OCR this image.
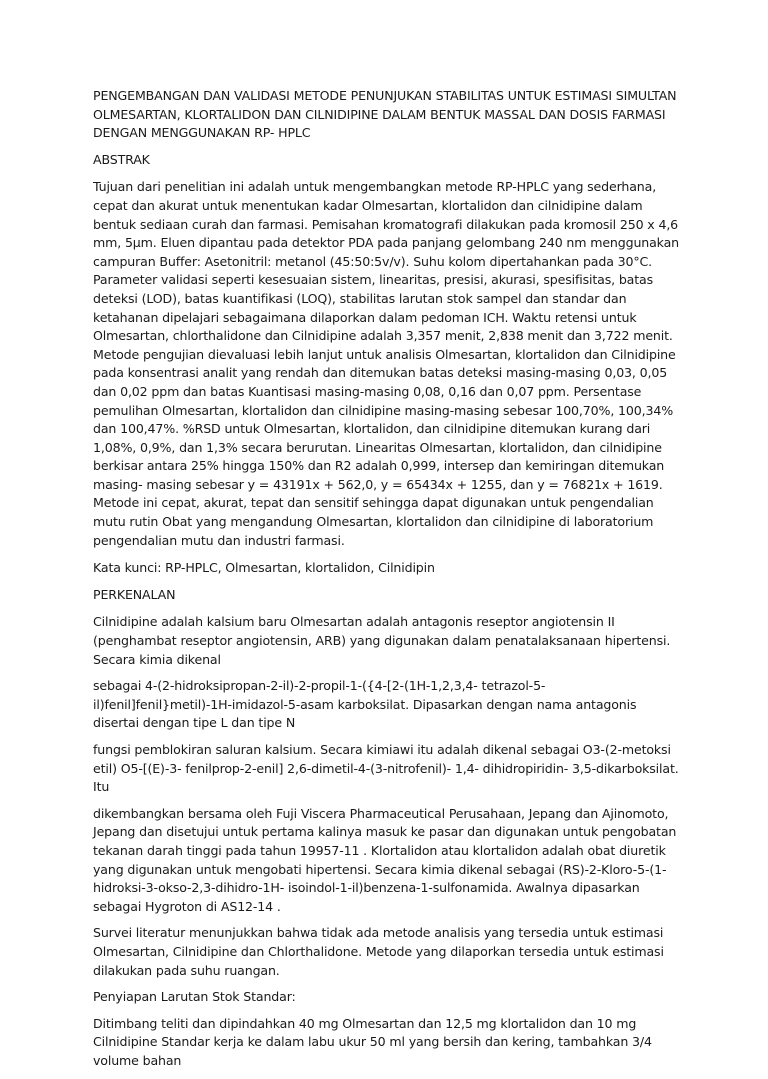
PENGEMBANGAN DAN VALIDASI METODE PENUNJUKAN STABILITAS UNTUK ESTIMASI SIMULTAN OLMESARTAN, KLORTALIDON DAN CILNIDIPINE DALAM BENTUK MASSAL DAN DOSIS FARMASI DENGAN MENGGUNAKAN RP- HPLC

ABSTRAK

Tujuan dari penelitian ini adalah untuk mengembangkan metode RP-HPLC yang sederhana, cepat dan akurat untuk menentukan kadar Olmesartan, klortalidon dan cilnidipine dalam bentuk sediaan curah dan farmasi. Pemisahan kromatografi dilakukan pada kromosil 250 x 4,6 mm, 5μm. Eluen dipantau pada detektor PDA pada panjang gelombang 240 nm menggunakan campuran Buffer: Asetonitril: metanol (45:50:5v/v). Suhu kolom dipertahankan pada 30°C. Parameter validasi seperti kesesuaian sistem, linearitas, presisi, akurasi, spesifisitas, batas deteksi (LOD), batas kuantifikasi (LOQ), stabilitas larutan stok sampel dan standar dan ketahanan dipelajari sebagaimana dilaporkan dalam pedoman ICH. Waktu retensi untuk Olmesartan, chlorthalidone dan Cilnidipine adalah 3,357 menit, 2,838 menit dan 3,722 menit. Metode pengujian dievaluasi lebih lanjut untuk analisis Olmesartan, klortalidon dan Cilnidipine pada konsentrasi analit yang rendah dan ditemukan batas deteksi masing-masing 0,03, 0,05 dan 0,02 ppm dan batas Kuantisasi masing-masing 0,08, 0,16 dan 0,07 ppm. Persentase pemulihan Olmesartan, klortalidon dan cilnidipine masing-masing sebesar 100,70%, 100,34% dan 100,47%. %RSD untuk Olmesartan, klortalidon, dan cilnidipine ditemukan kurang dari 1,08%, 0,9%, dan 1,3% secara berurutan. Linearitas Olmesartan, klortalidon, dan cilnidipine berkisar antara 25% hingga 150% dan R2 adalah 0,999, intersep dan kemiringan ditemukan masing- masing sebesar y = 43191x + 562,0, y = 65434x + 1255, dan y = 76821x + 1619. Metode ini cepat, akurat, tepat dan sensitif sehingga dapat digunakan untuk pengendalian mutu rutin Obat yang mengandung Olmesartan, klortalidon dan cilnidipine di laboratorium pengendalian mutu dan industri farmasi.

Kata kunci: RP-HPLC, Olmesartan, klortalidon, Cilnidipin

PERKENALAN

Cilnidipine adalah kalsium baru Olmesartan adalah antagonis reseptor angiotensin II (penghambat reseptor angiotensin, ARB) yang digunakan dalam penatalaksanaan hipertensi. Secara kimia dikenal

sebagai 4-(2-hidroksipropan-2-il)-2-propil-1-({4-[2-(1H-1,2,3,4- tetrazol-5-il)fenil]fenil}metil)-1H-imidazol-5-asam karboksilat. Dipasarkan dengan nama antagonis disertai dengan tipe L dan tipe N

fungsi pemblokiran saluran kalsium. Secara kimiawi itu adalah dikenal sebagai O3-(2-metoksi etil) O5-[(E)-3- fenilprop-2-enil] 2,6-dimetil-4-(3-nitrofenil)- 1,4- dihidropiridin- 3,5-dikarboksilat. Itu

dikembangkan bersama oleh Fuji Viscera Pharmaceutical Perusahaan, Jepang dan Ajinomoto, Jepang dan disetujui untuk pertama kalinya masuk ke pasar dan digunakan untuk pengobatan tekanan darah tinggi pada tahun 19957-11 . Klortalidon atau klortalidon adalah obat diuretik yang digunakan untuk mengobati hipertensi. Secara kimia dikenal sebagai (RS)-2-Kloro-5-(1-hidroksi-3-okso-2,3-dihidro-1H- isoindol-1-il)benzena-1-sulfonamida. Awalnya dipasarkan sebagai Hygroton di AS12-14 .

Survei literatur menunjukkan bahwa tidak ada metode analisis yang tersedia untuk estimasi Olmesartan, Cilnidipine dan Chlorthalidone. Metode yang dilaporkan tersedia untuk estimasi dilakukan pada suhu ruangan.

Penyiapan Larutan Stok Standar:

Ditimbang teliti dan dipindahkan 40 mg Olmesartan dan 12,5 mg klortalidon dan 10 mg Cilnidipine Standar kerja ke dalam labu ukur 50 ml yang bersih dan kering, tambahkan 3/4 volume bahan
